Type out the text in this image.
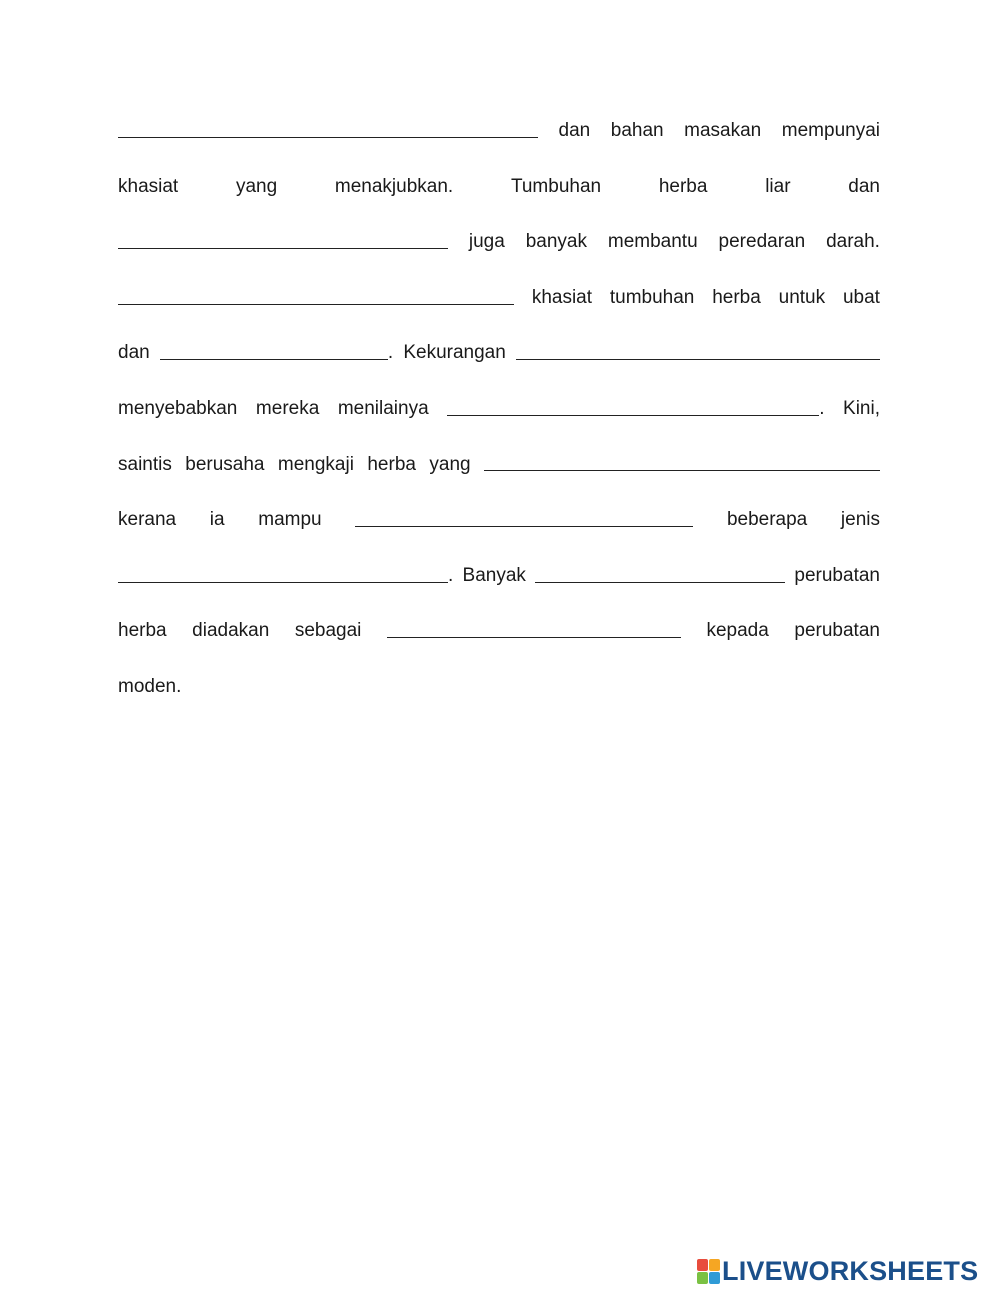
dan bahan masakan mempunyai
khasiat	yang	menakjubkan.	Tumbuhan	herba	liar	dan
juga banyak membantu peredaran darah.
khasiat tumbuhan herba untuk ubat
dan	. Kekurangan
menyebabkan mereka menilainya	. Kini,
saintis berusaha mengkaji herba yang
kerana ia mampu	beberapa jenis
. Banyak	perubatan
herba diadakan sebagai	kepada perubatan
moden.
LIVEWORKSHEETS
